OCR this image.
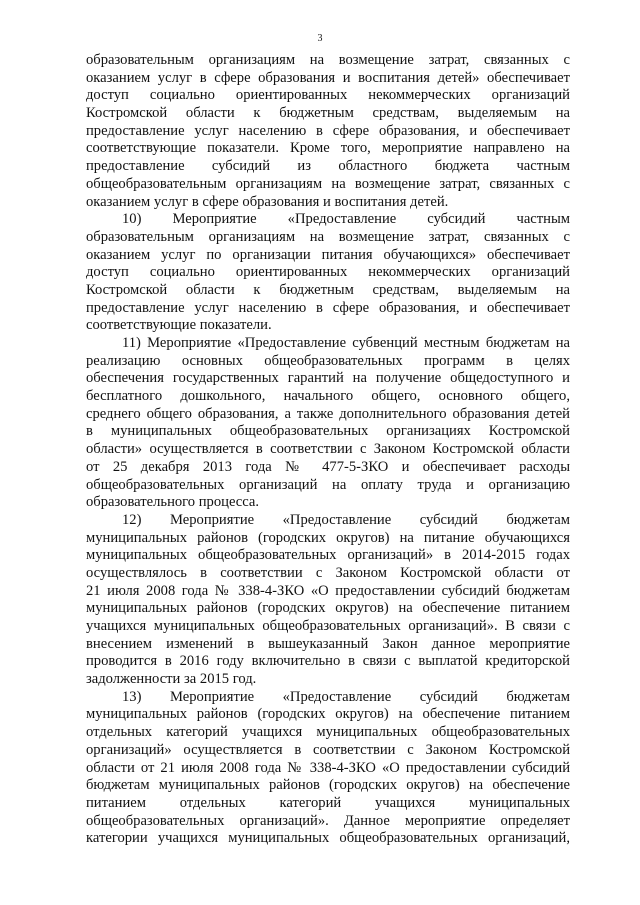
3
образовательным организациям на возмещение затрат, связанных с
оказанием услуг в сфере образования и воспитания детей» обеспечивает
доступ социально ориентированных некоммерческих организаций
Костромской области к бюджетным средствам, выделяемым на
предоставление услуг населению в сфере образования, и обеспечивает
соответствующие показатели. Кроме того, мероприятие направлено на
предоставление субсидий из областного бюджета частным
общеобразовательным организациям на возмещение затрат, связанных с
оказанием услуг в сфере образования и воспитания детей.
10) Мероприятие «Предоставление субсидий частным
образовательным организациям на возмещение затрат, связанных с
оказанием услуг по организации питания обучающихся» обеспечивает
доступ социально ориентированных некоммерческих организаций
Костромской области к бюджетным средствам, выделяемым на
предоставление услуг населению в сфере образования, и обеспечивает
соответствующие показатели.
11) Мероприятие «Предоставление субвенций местным бюджетам на
реализацию основных общеобразовательных программ в целях
обеспечения государственных гарантий на получение общедоступного и
бесплатного дошкольного, начального общего, основного общего,
среднего общего образования, а также дополнительного образования детей
в муниципальных общеобразовательных организациях Костромской
области» осуществляется в соответствии с Законом Костромской области
от 25 декабря 2013 года № 477-5-ЗКО и обеспечивает расходы
общеобразовательных организаций на оплату труда и организацию
образовательного процесса.
12) Мероприятие «Предоставление субсидий бюджетам
муниципальных районов (городских округов) на питание обучающихся
муниципальных общеобразовательных организаций» в 2014-2015 годах
осуществлялось в соответствии с Законом Костромской области от
21 июля 2008 года № 338-4-ЗКО «О предоставлении субсидий бюджетам
муниципальных районов (городских округов) на обеспечение питанием
учащихся муниципальных общеобразовательных организаций». В связи с
внесением изменений в вышеуказанный Закон данное мероприятие
проводится в 2016 году включительно в связи с выплатой кредиторской
задолженности за 2015 год.
13) Мероприятие «Предоставление субсидий бюджетам
муниципальных районов (городских округов) на обеспечение питанием
отдельных категорий учащихся муниципальных общеобразовательных
организаций» осуществляется в соответствии с Законом Костромской
области от 21 июля 2008 года № 338-4-ЗКО «О предоставлении субсидий
бюджетам муниципальных районов (городских округов) на обеспечение
питанием отдельных категорий учащихся муниципальных
общеобразовательных организаций». Данное мероприятие определяет
категории учащихся муниципальных общеобразовательных организаций,
